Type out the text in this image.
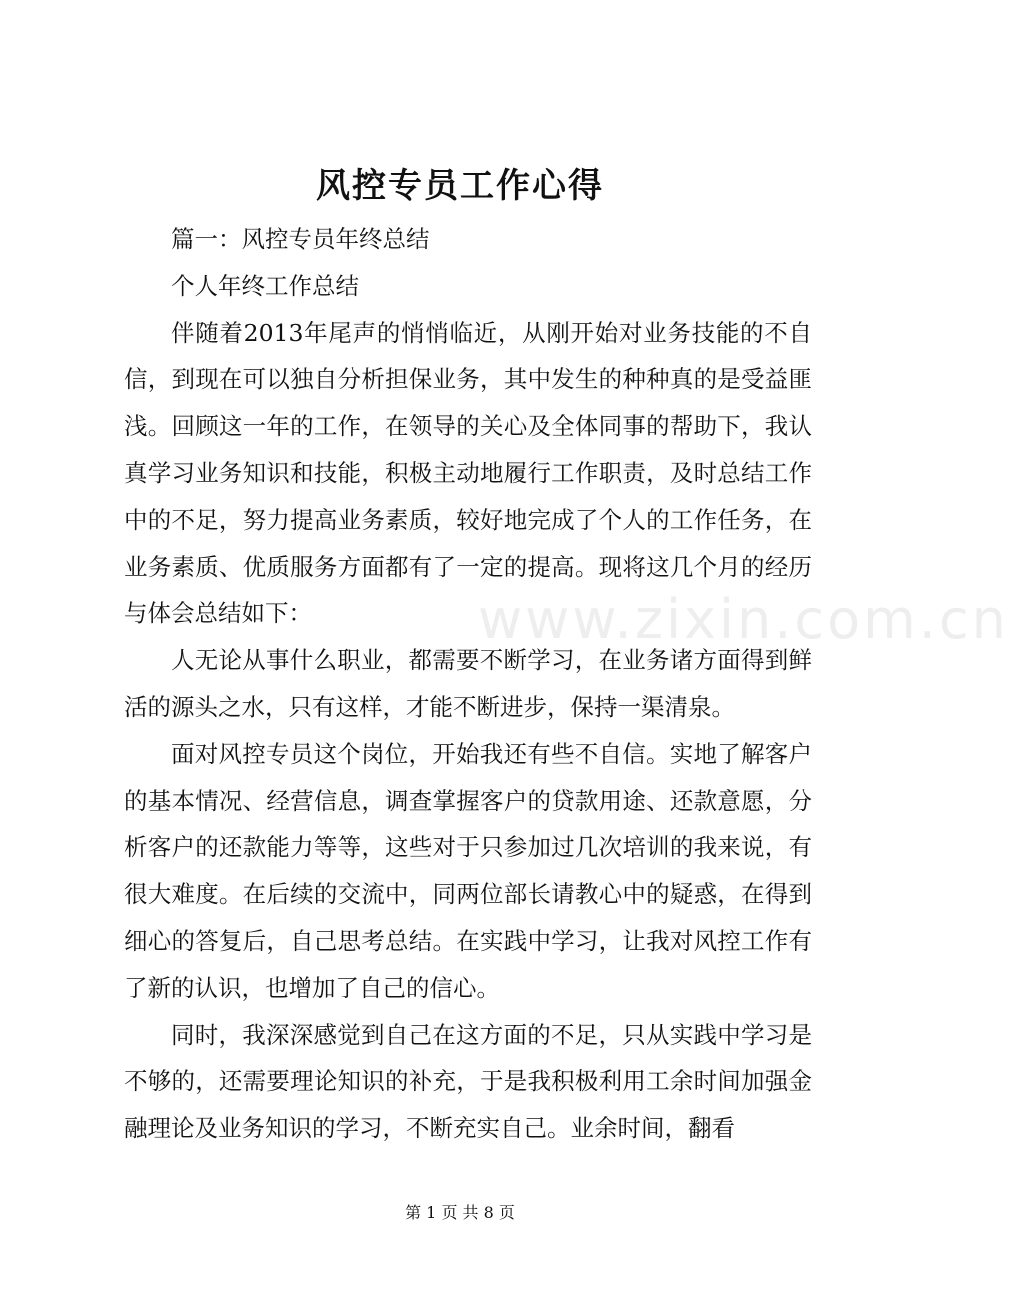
风控专员工作心得

篇一：风控专员年终总结

个人年终工作总结

伴随着2013年尾声的悄悄临近，从刚开始对业务技能的不自信，到现在可以独自分析担保业务，其中发生的种种真的是受益匪浅。回顾这一年的工作，在领导的关心及全体同事的帮助下，我认真学习业务知识和技能，积极主动地履行工作职责，及时总结工作中的不足，努力提高业务素质，较好地完成了个人的工作任务，在业务素质、优质服务方面都有了一定的提高。现将这几个月的经历与体会总结如下：

人无论从事什么职业，都需要不断学习，在业务诸方面得到鲜活的源头之水，只有这样，才能不断进步，保持一渠清泉。

面对风控专员这个岗位，开始我还有些不自信。实地了解客户的基本情况、经营信息，调查掌握客户的贷款用途、还款意愿，分析客户的还款能力等等，这些对于只参加过几次培训的我来说，有很大难度。在后续的交流中，同两位部长请教心中的疑惑，在得到细心的答复后，自己思考总结。在实践中学习，让我对风控工作有了新的认识，也增加了自己的信心。

同时，我深深感觉到自己在这方面的不足，只从实践中学习是不够的，还需要理论知识的补充，于是我积极利用工余时间加强金融理论及业务知识的学习，不断充实自己。业余时间，翻看

www.zixin.com.cn
第 1 页 共 8 页
